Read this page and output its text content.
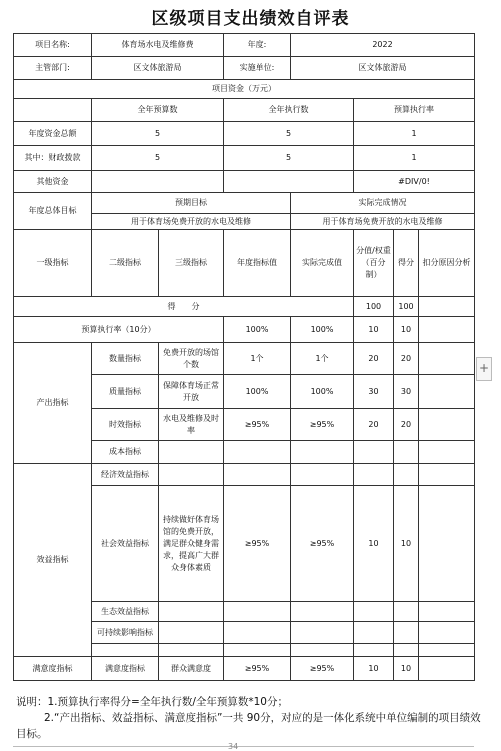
区级项目支出绩效自评表
项目名称:	体育场水电及维修费		年度:	2022			
主管部门:	区文体旅游局		实施单位:	区文体旅游局			
项目资金（万元）							
	全年预算数		全年执行数		预算执行率		
年度资金总额	5		5		1		
其中：财政拨款	5		5		1		
其他资金					#DIV/0!		
年度总体目标	预期目标			实际完成情况			
	用于体育场免费开放的水电及维修			用于体育场免费开放的水电及维修			
一级指标	二级指标	三级指标	年度指标值	实际完成值	分值/权重（百分制）	得分	扣分原因分析
得　　分					100	100	
预算执行率（10分）			100%	100%	10	10	
产出指标	数量指标	免费开放的场馆个数	1个	1个	20	20	
	质量指标	保障体育场正常开放	100%	100%	30	30	
	时效指标	水电及维修及时率	≥95%	≥95%	20	20	
	成本指标						
效益指标	经济效益指标						
	社会效益指标	持续做好体育场馆的免费开放，满足群众健身需求，提高广大群众身体素质	≥95%	≥95%	10	10	
	生态效益指标						
	可持续影响指标						

满意度指标	满意度指标	群众满意度	≥95%	≥95%	10	10	
说明：1.预算执行率得分=全年执行数/全年预算数*10分；
2.“产出指标、效益指标、满意度指标”一共 90分，对应的是一体化系统中单位编制的项目绩效目标。
34
+
